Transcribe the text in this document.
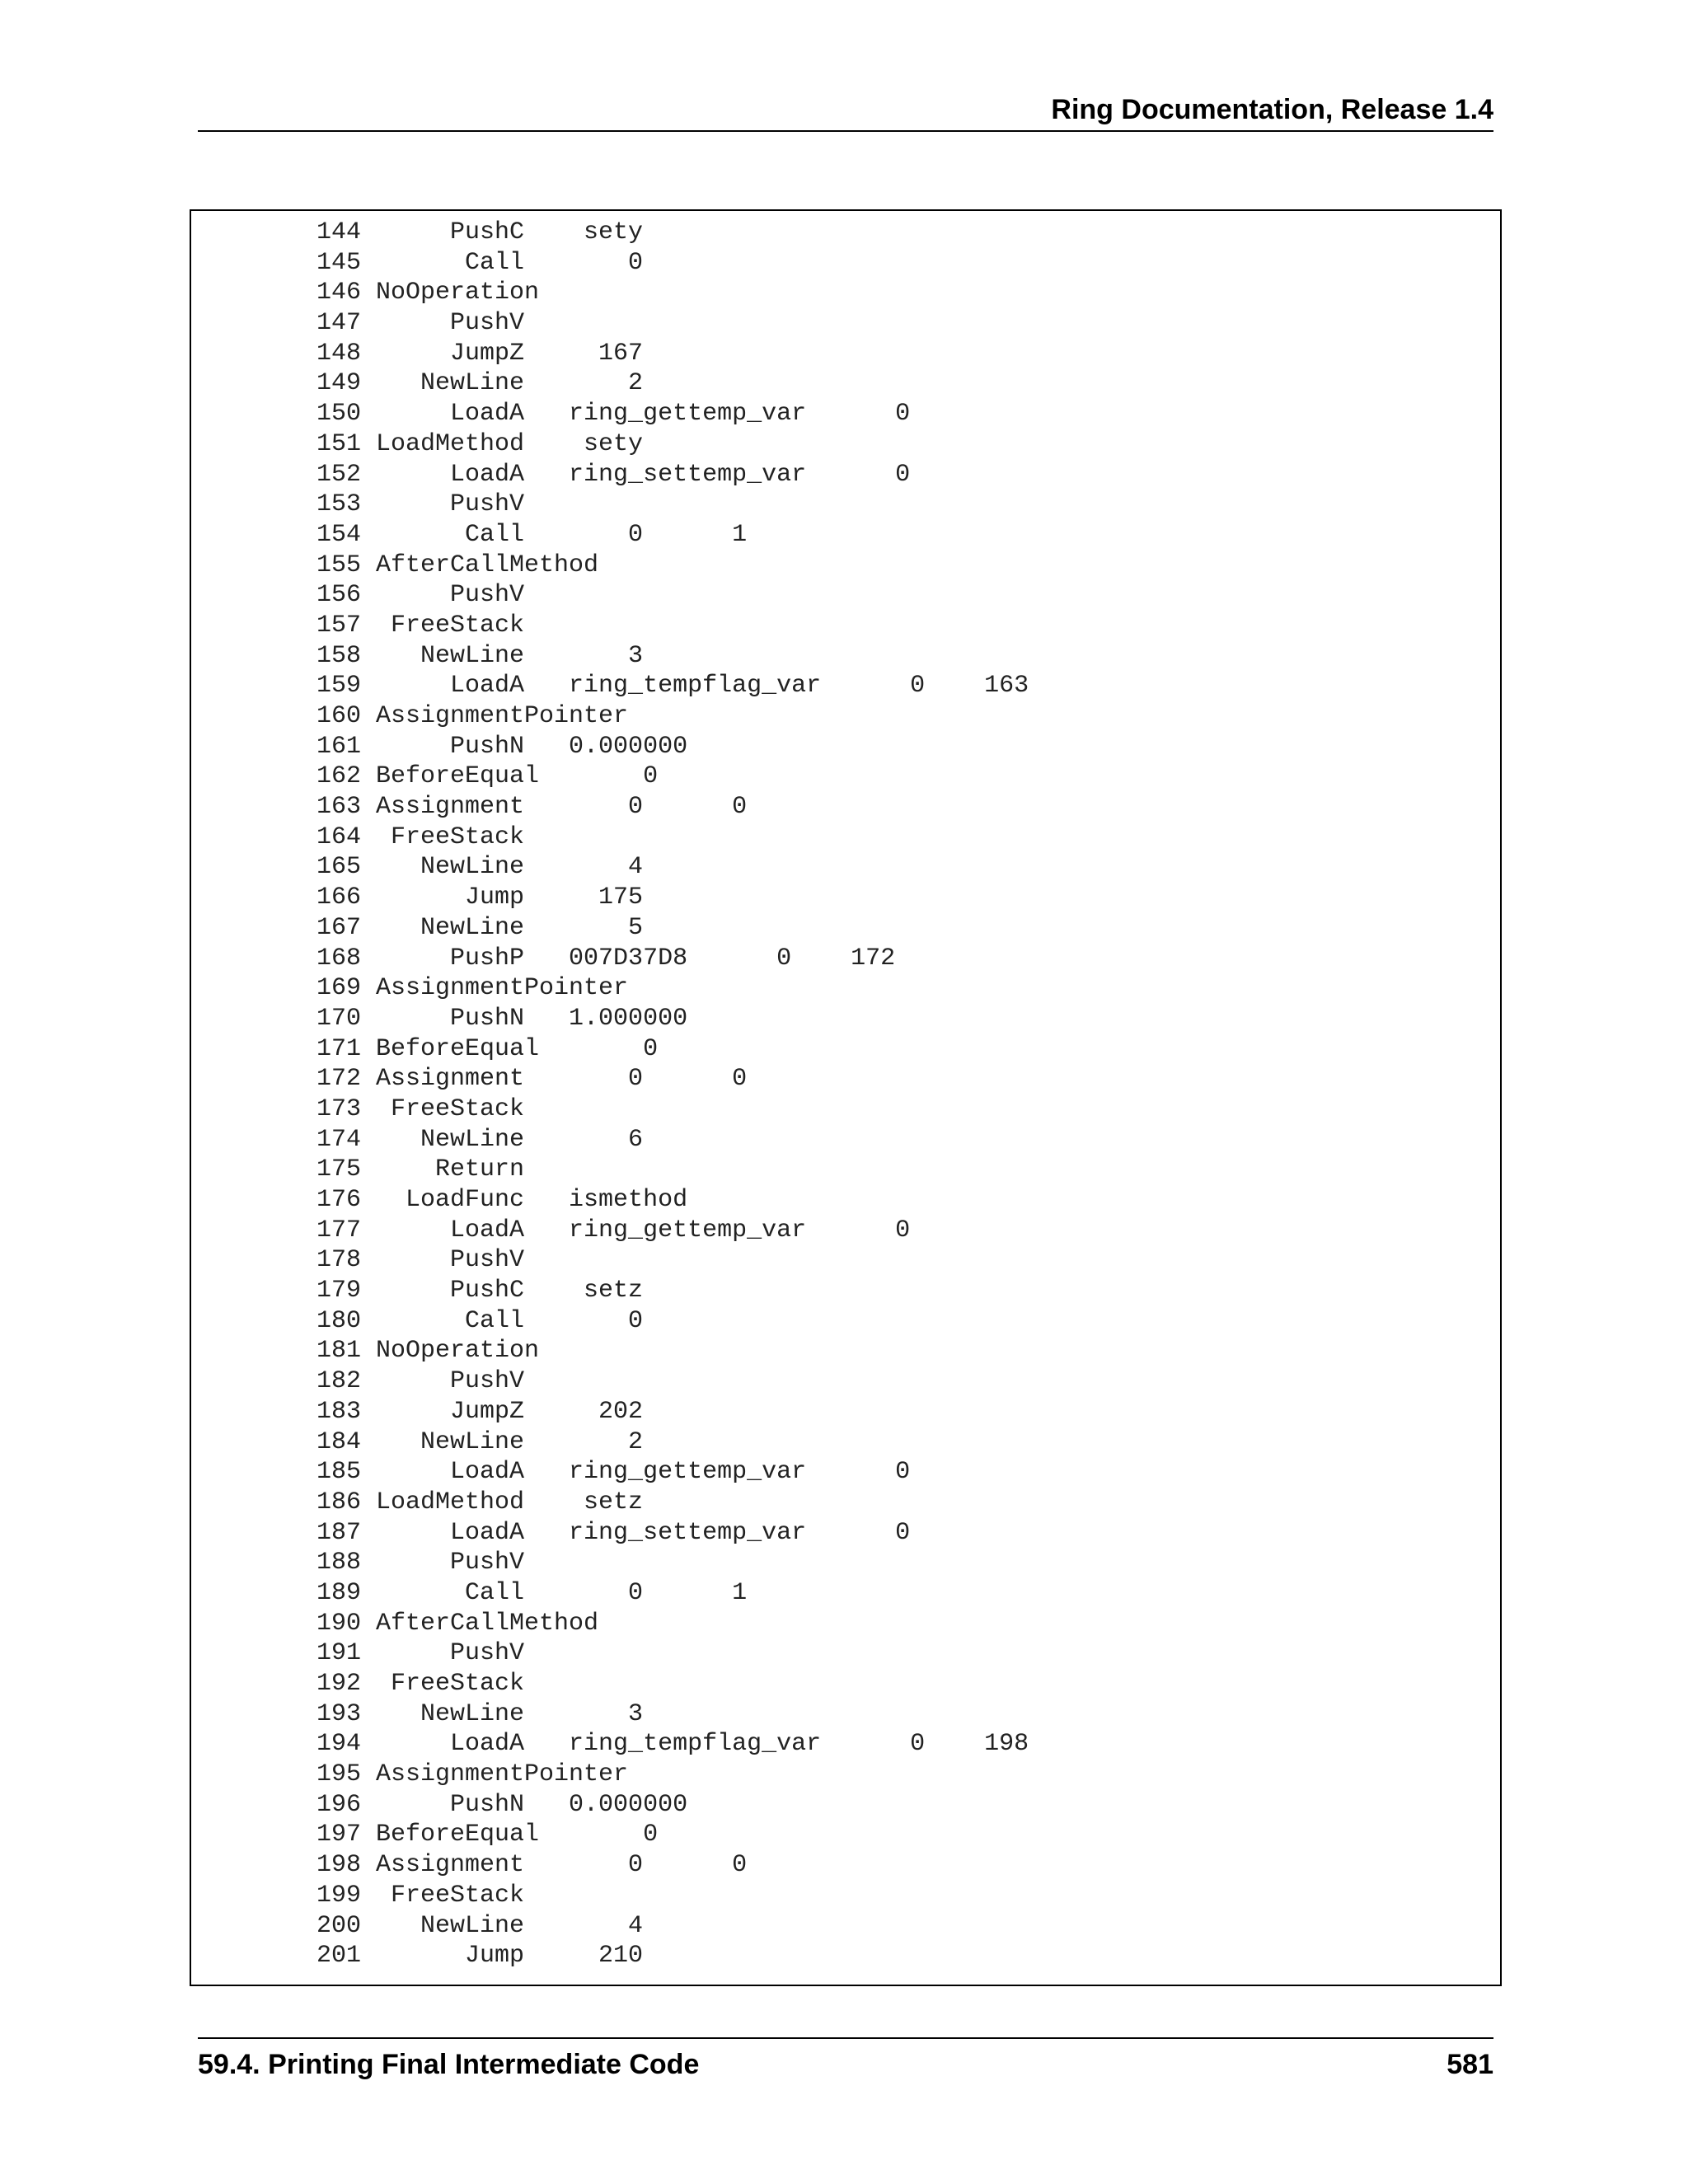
Ring Documentation, Release 1.4
144      PushC    sety
145       Call       0
146 NoOperation
147      PushV
148      JumpZ     167
149    NewLine       2
150      LoadA   ring_gettemp_var      0
151 LoadMethod    sety
152      LoadA   ring_settemp_var      0
153      PushV
154       Call       0      1
155 AfterCallMethod
156      PushV
157  FreeStack
158    NewLine       3
159      LoadA   ring_tempflag_var      0    163
160 AssignmentPointer
161      PushN   0.000000
162 BeforeEqual       0
163 Assignment       0      0
164  FreeStack
165    NewLine       4
166       Jump     175
167    NewLine       5
168      PushP   007D37D8      0    172
169 AssignmentPointer
170      PushN   1.000000
171 BeforeEqual       0
172 Assignment       0      0
173  FreeStack
174    NewLine       6
175     Return
176   LoadFunc   ismethod
177      LoadA   ring_gettemp_var      0
178      PushV
179      PushC    setz
180       Call       0
181 NoOperation
182      PushV
183      JumpZ     202
184    NewLine       2
185      LoadA   ring_gettemp_var      0
186 LoadMethod    setz
187      LoadA   ring_settemp_var      0
188      PushV
189       Call       0      1
190 AfterCallMethod
191      PushV
192  FreeStack
193    NewLine       3
194      LoadA   ring_tempflag_var      0    198
195 AssignmentPointer
196      PushN   0.000000
197 BeforeEqual       0
198 Assignment       0      0
199  FreeStack
200    NewLine       4
201       Jump     210
59.4. Printing Final Intermediate Code	581
